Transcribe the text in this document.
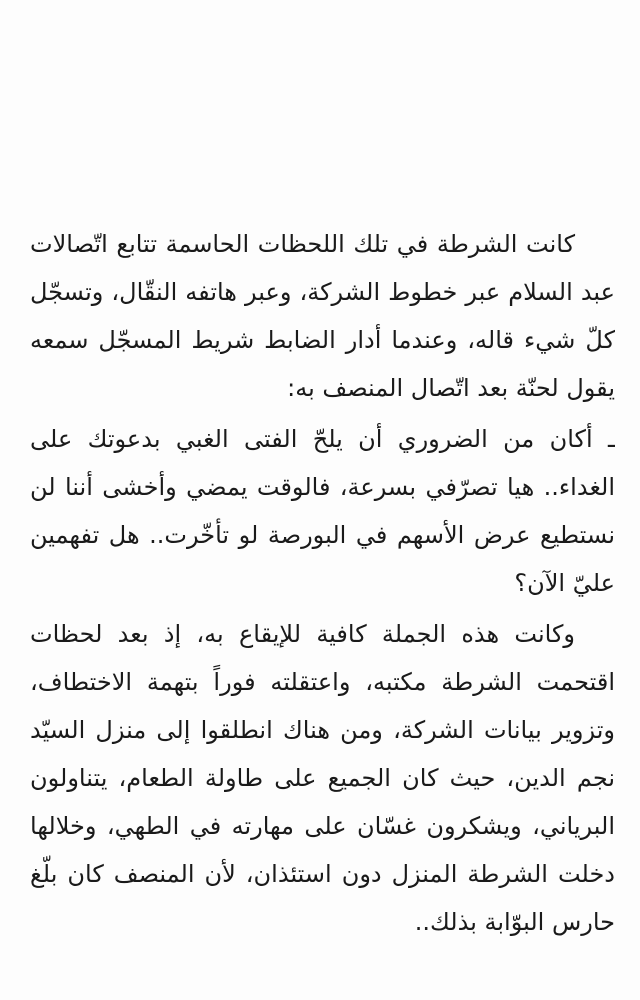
كانت الشرطة في تلك اللحظات الحاسمة تتابع اتّصالات
عبد السلام عبر خطوط الشركة، وعبر هاتفه النقّال، وتسجّل
كلّ شيء قاله، وعندما أدار الضابط شريط المسجّل سمعه
يقول لحنّة بعد اتّصال المنصف به:
ـ أكان من الضروري أن يلحّ الفتى الغبي بدعوتك على
الغداء.. هيا تصرّفي بسرعة، فالوقت يمضي وأخشى أننا لن
نستطيع عرض الأسهم في البورصة لو تأخّرت.. هل تفهمين
عليّ الآن؟
وكانت هذه الجملة كافية للإيقاع به، إذ بعد لحظات
اقتحمت الشرطة مكتبه، واعتقلته فوراً بتهمة الاختطاف،
وتزوير بيانات الشركة، ومن هناك انطلقوا إلى منزل السيّد
نجم الدين، حيث كان الجميع على طاولة الطعام، يتناولون
البرياني، ويشكرون غسّان على مهارته في الطهي، وخلالها
دخلت الشرطة المنزل دون استئذان، لأن المنصف كان بلّغ
حارس البوّابة بذلك..
